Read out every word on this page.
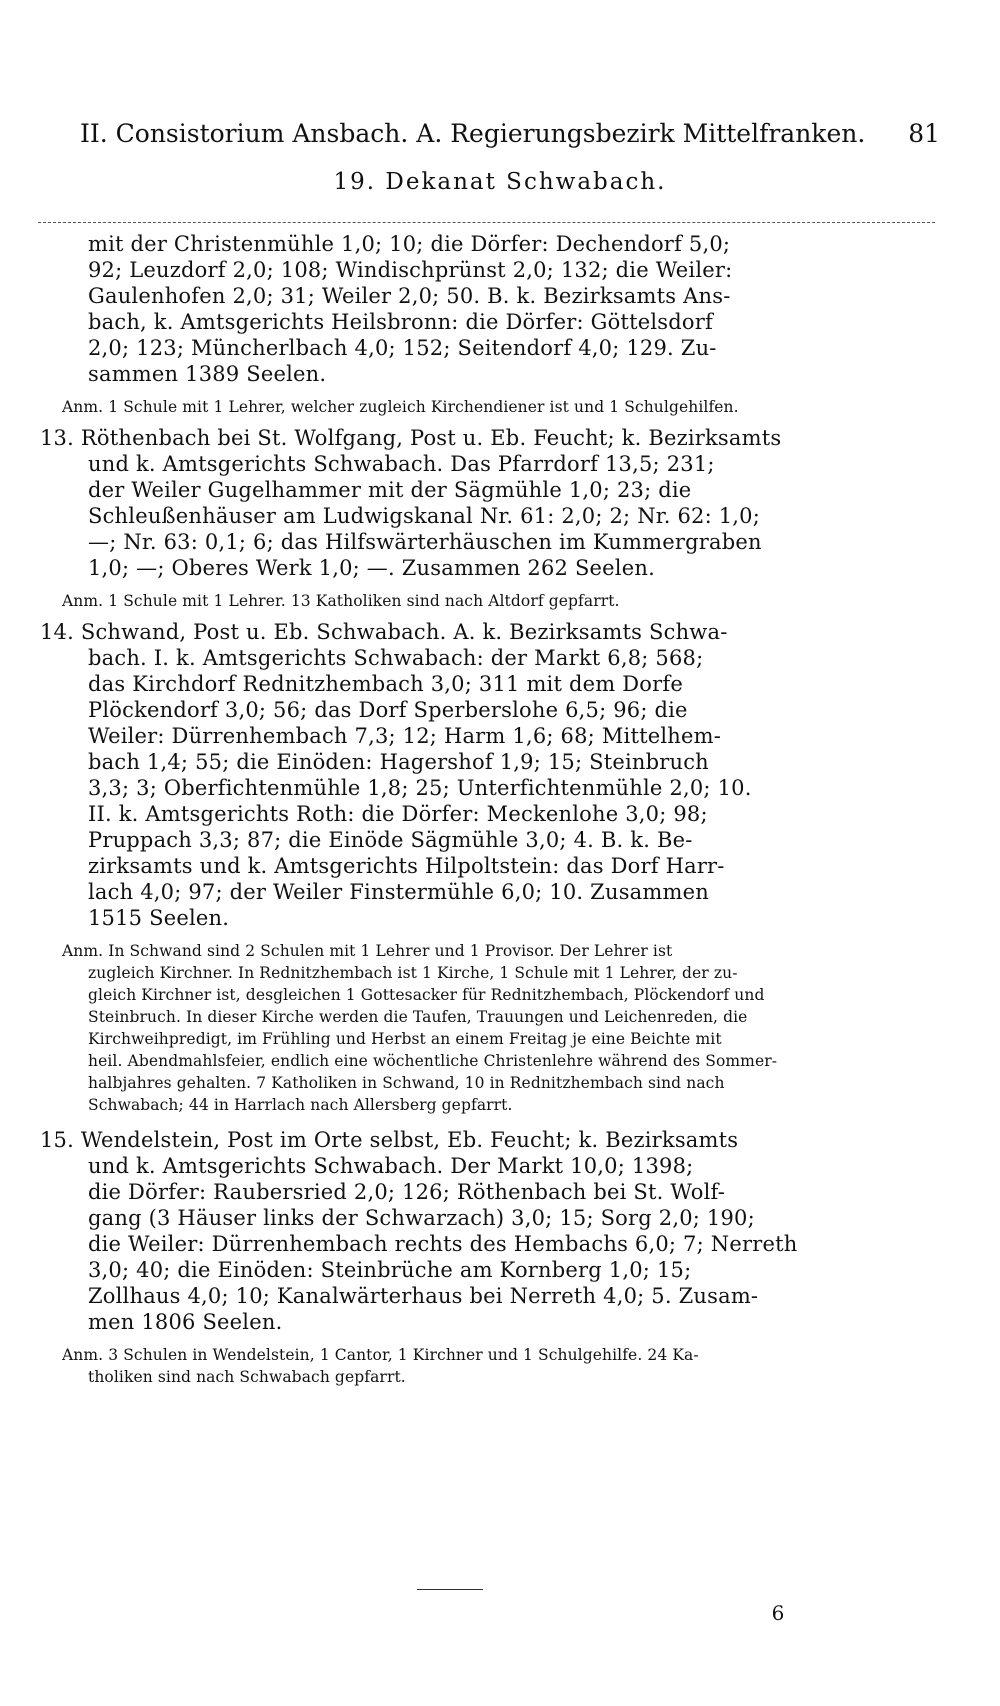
II. Consistorium Ansbach. A. Regierungsbezirk Mittelfranken. 81
19. Dekanat Schwabach.
mit der Christenmühle 1,0; 10; die Dörfer: Dechendorf 5,0;
92; Leuzdorf 2,0; 108; Windischprünst 2,0; 132; die Weiler:
Gaulenhofen 2,0; 31; Weiler 2,0; 50. B. k. Bezirksamts Ans-
bach, k. Amtsgerichts Heilsbronn: die Dörfer: Göttelsdorf
2,0; 123; Müncherlbach 4,0; 152; Seitendorf 4,0; 129. Zu-
sammen 1389 Seelen.
Anm. 1 Schule mit 1 Lehrer, welcher zugleich Kirchendiener ist und 1 Schulgehilfen.
13. Röthenbach bei St. Wolfgang, Post u. Eb. Feucht; k. Bezirksamts
und k. Amtsgerichts Schwabach. Das Pfarrdorf 13,5; 231;
der Weiler Gugelhammer mit der Sägmühle 1,0; 23; die
Schleußenhäuser am Ludwigskanal Nr. 61: 2,0; 2; Nr. 62: 1,0;
—; Nr. 63: 0,1; 6; das Hilfswärterhäuschen im Kummergraben
1,0; —; Oberes Werk 1,0; —. Zusammen 262 Seelen.
Anm. 1 Schule mit 1 Lehrer. 13 Katholiken sind nach Altdorf gepfarrt.
14. Schwand, Post u. Eb. Schwabach. A. k. Bezirksamts Schwa-
bach. I. k. Amtsgerichts Schwabach: der Markt 6,8; 568;
das Kirchdorf Rednitzhembach 3,0; 311 mit dem Dorfe
Plöckendorf 3,0; 56; das Dorf Sperberslohe 6,5; 96; die
Weiler: Dürrenhembach 7,3; 12; Harm 1,6; 68; Mittelhem-
bach 1,4; 55; die Einöden: Hagershof 1,9; 15; Steinbruch
3,3; 3; Oberfichtenmühle 1,8; 25; Unterfichtenmühle 2,0; 10.
II. k. Amtsgerichts Roth: die Dörfer: Meckenlohe 3,0; 98;
Pruppach 3,3; 87; die Einöde Sägmühle 3,0; 4. B. k. Be-
zirksamts und k. Amtsgerichts Hilpoltstein: das Dorf Harr-
lach 4,0; 97; der Weiler Finstermühle 6,0; 10. Zusammen
1515 Seelen.
Anm. In Schwand sind 2 Schulen mit 1 Lehrer und 1 Provisor. Der Lehrer ist
zugleich Kirchner. In Rednitzhembach ist 1 Kirche, 1 Schule mit 1 Lehrer, der zu-
gleich Kirchner ist, desgleichen 1 Gottesacker für Rednitzhembach, Plöckendorf und
Steinbruch. In dieser Kirche werden die Taufen, Trauungen und Leichenreden, die
Kirchweihpredigt, im Frühling und Herbst an einem Freitag je eine Beichte mit
heil. Abendmahlsfeier, endlich eine wöchentliche Christenlehre während des Sommer-
halbjahres gehalten. 7 Katholiken in Schwand, 10 in Rednitzhembach sind nach
Schwabach; 44 in Harrlach nach Allersberg gepfarrt.
15. Wendelstein, Post im Orte selbst, Eb. Feucht; k. Bezirksamts
und k. Amtsgerichts Schwabach. Der Markt 10,0; 1398;
die Dörfer: Raubersried 2,0; 126; Röthenbach bei St. Wolf-
gang (3 Häuser links der Schwarzach) 3,0; 15; Sorg 2,0; 190;
die Weiler: Dürrenhembach rechts des Hembachs 6,0; 7; Nerreth
3,0; 40; die Einöden: Steinbrüche am Kornberg 1,0; 15;
Zollhaus 4,0; 10; Kanalwärterhaus bei Nerreth 4,0; 5. Zusam-
men 1806 Seelen.
Anm. 3 Schulen in Wendelstein, 1 Cantor, 1 Kirchner und 1 Schulgehilfe. 24 Ka-
tholiken sind nach Schwabach gepfarrt.
6
